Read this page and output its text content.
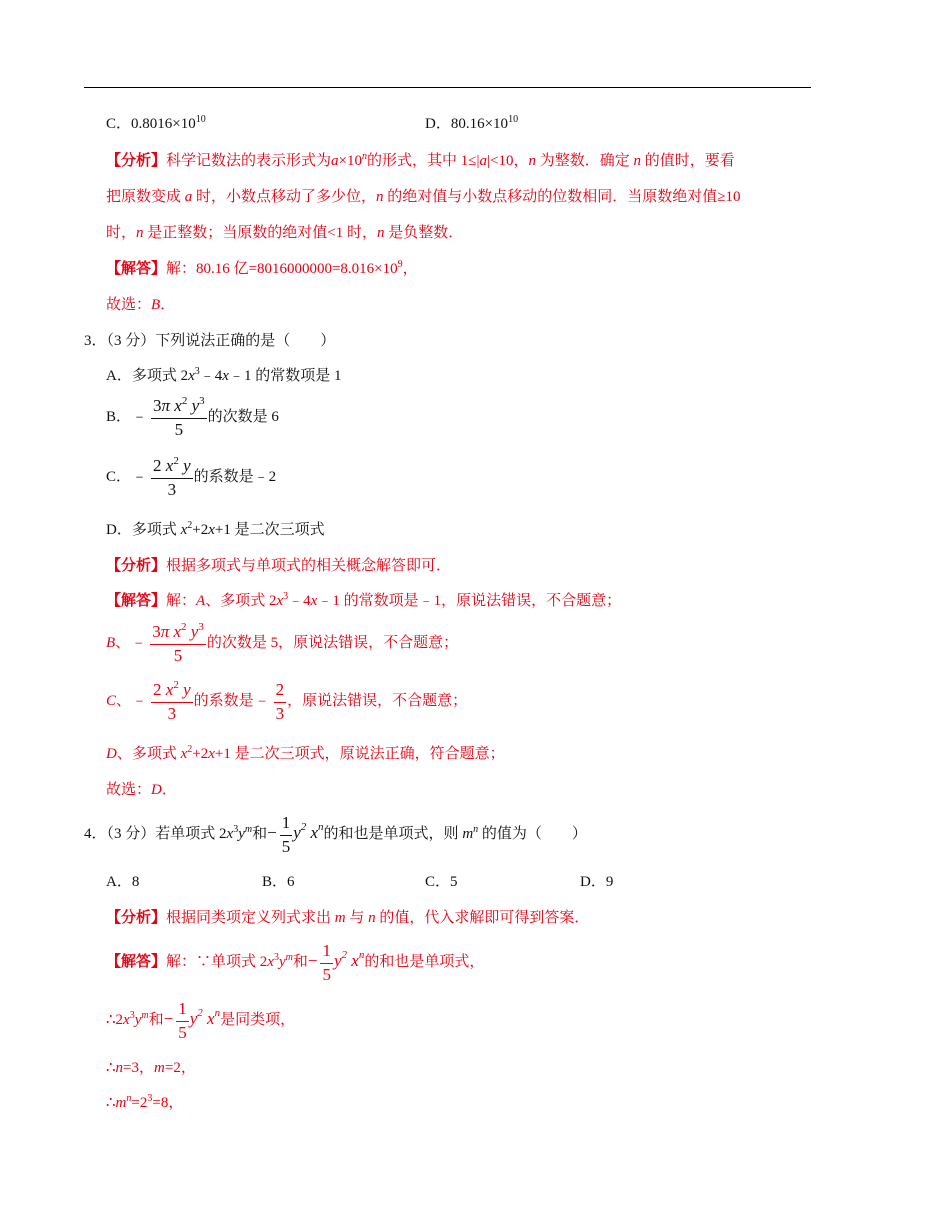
C．$0.8016\times 10^{10}$	D．$80.16\times 10^{10}$
【分析】科学记数法的表示形式为$a\times 10^n$的形式，其中 1≤|a|<10，n 为整数．确定 n 的值时，要看
把原数变成 a 时，小数点移动了多少位，n 的绝对值与小数点移动的位数相同．当原数绝对值≥10
时，n 是正整数；当原数的绝对值<1 时，n 是负整数．
【解答】解：80.16 亿$=8016000000=8.016\times 10^9$，
故选：B．
3．（3 分）下列说法正确的是（　　）
A．多项式 $2x^3﹣4x﹣1$ 的常数项是 1
B．﹣ $\frac{3\pi x^2 y^3}{5}$ 的次数是 6
C．﹣ $\frac{2 x^2 y}{3}$ 的系数是﹣2
D．多项式 $x^2+2x+1$ 是二次三项式
【分析】根据多项式与单项式的相关概念解答即可．
【解答】解：A、多项式 $2x^3﹣4x﹣1$ 的常数项是﹣1，原说法错误，不合题意；
B、﹣ $\frac{3\pi x^2 y^3}{5}$ 的次数是 5，原说法错误，不合题意；
C、﹣ $\frac{2 x^2 y}{3}$ 的系数是﹣ $\frac{2}{3}$ ，原说法错误，不合题意；
D、多项式 $x^2+2x+1$ 是二次三项式，原说法正确，符合题意；
故选：D．
4．（3 分）若单项式 $2x^3y^m$和− $\frac{1}{5} y^2$ $x^n$的和也是单项式，则 $m^n$ 的值为（　　）
A．8	B．6	C．5	D．9
【分析】根据同类项定义列式求出 m 与 n 的值，代入求解即可得到答案．
【解答】解：∵单项式 $2x^3y^m$和− $\frac{1}{5} y^2$ $x^n$的和也是单项式，
$\therefore 2x^3y^m$和− $\frac{1}{5} y^2$ $x^n$是同类项，
∴n=3，m=2，
$\therefore m^n=2^3=8$，
